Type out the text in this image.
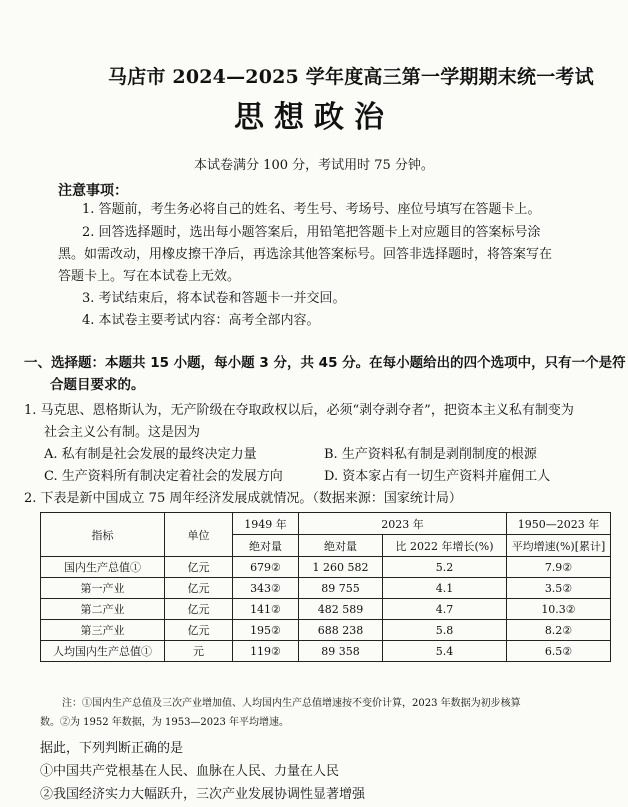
马店市 2024—2025 学年度高三第一学期期末统一考试
思想政治
本试卷满分 100 分，考试用时 75 分钟。
注意事项：
1. 答题前，考生务必将自己的姓名、考生号、考场号、座位号填写在答题卡上。
2. 回答选择题时，选出每小题答案后，用铅笔把答题卡上对应题目的答案标号涂
黑。如需改动，用橡皮擦干净后，再选涂其他答案标号。回答非选择题时，将答案写在
答题卡上。写在本试卷上无效。
3. 考试结束后，将本试卷和答题卡一并交回。
4. 本试卷主要考试内容：高考全部内容。
一、选择题：本题共 15 小题，每小题 3 分，共 45 分。在每小题给出的四个选项中，只有一个是符
合题目要求的。
1. 马克思、恩格斯认为，无产阶级在夺取政权以后，必须“剥夺剥夺者”，把资本主义私有制变为
社会主义公有制。这是因为
A. 私有制是社会发展的最终决定力量	B. 生产资料私有制是剥削制度的根源
C. 生产资料所有制决定着社会的发展方向	D. 资本家占有一切生产资料并雇佣工人
2. 下表是新中国成立 75 周年经济发展成就情况。（数据来源：国家统计局）
指标	单位	1949 年	2023 年		1950—2023 年
		绝对量	绝对量	比 2022 年增长(%)	平均增速(%)[累计]
国内生产总值①	亿元	679②	1 260 582	5.2	7.9②
第一产业	亿元	343②	89 755	4.1	3.5②
第二产业	亿元	141②	482 589	4.7	10.3②
第三产业	亿元	195②	688 238	5.8	8.2②
人均国内生产总值①	元	119②	89 358	5.4	6.5②
注：①国内生产总值及三次产业增加值、人均国内生产总值增速按不变价计算，2023 年数据为初步核算
数。②为 1952 年数据，为 1953—2023 年平均增速。
据此，下列判断正确的是
①中国共产党根基在人民、血脉在人民、力量在人民
②我国经济实力大幅跃升，三次产业发展协调性显著增强
